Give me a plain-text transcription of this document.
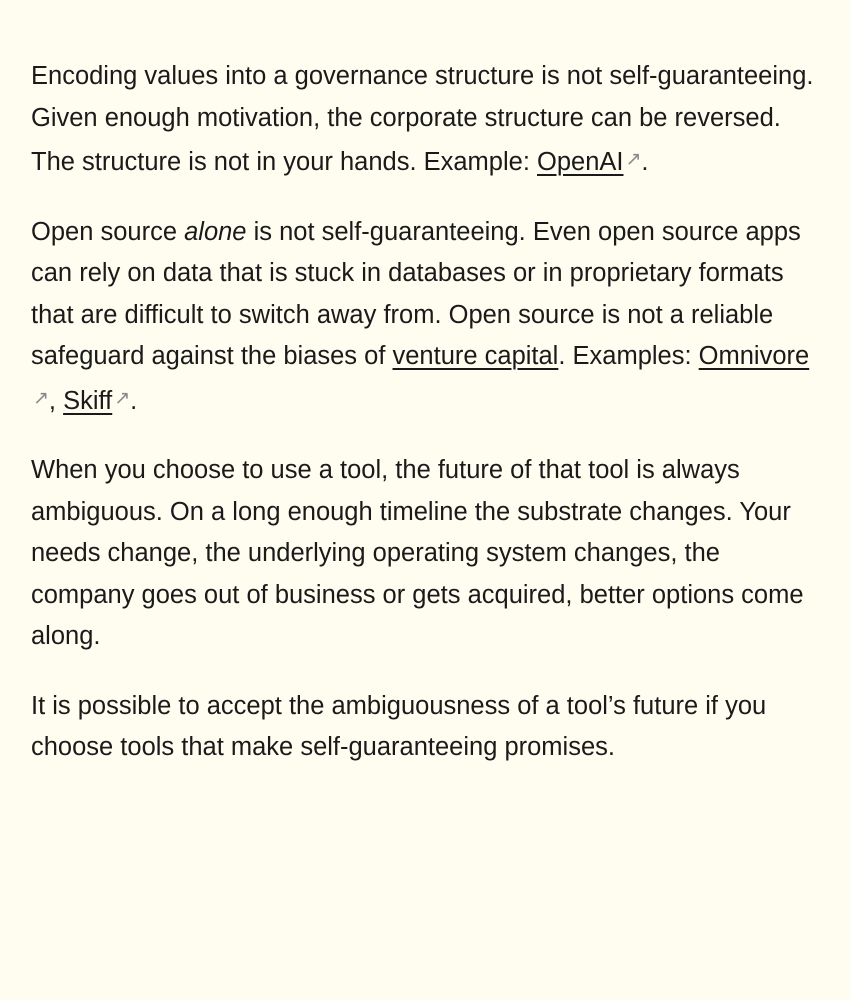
Encoding values into a governance structure is not self-guaranteeing. Given enough motivation, the corporate structure can be reversed. The structure is not in your hands. Example: OpenAI ↗.

Open source alone is not self-guaranteeing. Even open source apps can rely on data that is stuck in databases or in proprietary formats that are difficult to switch away from. Open source is not a reliable safeguard against the biases of venture capital. Examples: Omnivore↗, Skiff ↗.

When you choose to use a tool, the future of that tool is always ambiguous. On a long enough timeline the substrate changes. Your needs change, the underlying operating system changes, the company goes out of business or gets acquired, better options come along.

It is possible to accept the ambiguousness of a tool’s future if you choose tools that make self-guaranteeing promises.
